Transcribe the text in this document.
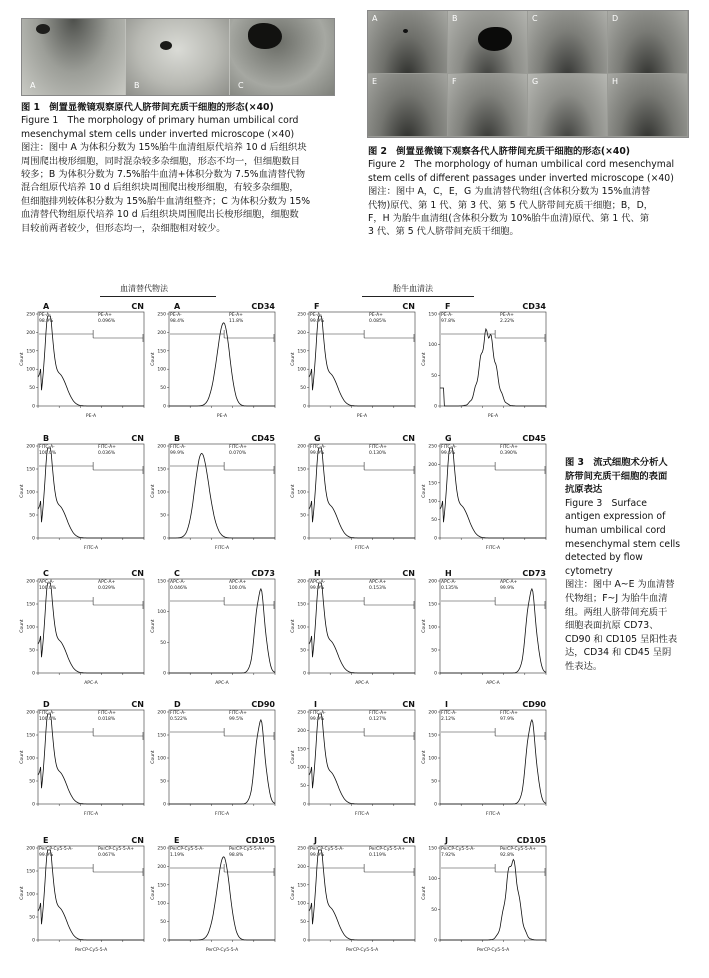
A	B	C
图 1　倒置显微镜观察原代人脐带间充质干细胞的形态(×40)
Figure 1　The morphology of primary human umbilical cord
mesenchymal stem cells under inverted microscope (×40)
图注：图中 A 为体积分数为 15%胎牛血清组原代培养 10 d 后组织块
周围爬出梭形细胞，同时混杂较多杂细胞，形态不均一，但细胞数目
较多；B 为体积分数为 7.5%胎牛血清+体积分数为 7.5%血清替代物
混合组原代培养 10 d 后组织块周围爬出梭形细胞，有较多杂细胞，
但细胞排列较体积分数为 15%胎牛血清组整齐；C 为体积分数为 15%
血清替代物组原代培养 10 d 后组织块周围爬出长梭形细胞，细胞数
目较前两者较少，但形态均一，杂细胞相对较少。
A	B	C	D
E	F	G	H
图 2　倒置显微镜下观察各代人脐带间充质干细胞的形态(×40)
Figure 2　The morphology of human umbilical cord mesenchymal
stem cells of different passages under inverted microscope (×40)
图注：图中 A，C，E，G 为血清替代物组(含体积分数为 15%血清替
代物)原代、第 1 代、第 3 代、第 5 代人脐带间充质干细胞；B，D，
F，H 为胎牛血清组(含体积分数为 10%胎牛血清)原代、第 1 代、第
3 代、第 5 代人脐带间充质干细胞。
血清替代物法	胎牛血清法
0
50
100
150
200
250
Count
PE-A
A	CN
PE-A-
98.9%
PE-A+
0.096%
0
50
100
150
200
250
Count
PE-A
A	CD34
PE-A-
98.4%
PE-A+
11.8%
0
50
100
150
200
250
Count
PE-A
F	CN
PE-A-
99.9%
PE-A+
0.085%
0
50
100
150
Count
PE-A
F	CD34
PE-A-
97.8%
PE-A+
2.22%
0
50
100
150
200
Count
FITC-A
B	CN
FITC-A-
100.0%
FITC-A+
0.036%
0
50
100
150
200
Count
FITC-A
B	CD45
FITC-A-
99.9%
FITC-A+
0.070%
0
50
100
150
200
Count
FITC-A
G	CN
FITC-A-
99.9%
FITC-A+
0.130%
0
50
100
150
200
250
Count
FITC-A
G	CD45
FITC-A-
99.6%
FITC-A+
0.390%
0
50
100
150
200
Count
APC-A
C	CN
APC-A-
100.0%
APC-A+
0.029%
0
50
100
150
Count
APC-A
C	CD73
APC-A-
0.046%
APC-A+
100.0%
0
50
100
150
200
Count
APC-A
H	CN
APC-A-
99.9%
APC-A+
0.153%
0
50
100
150
200
Count
APC-A
H	CD73
APC-A-
0.135%
APC-A+
99.9%
0
50
100
150
200
Count
FITC-A
D	CN
FITC-A-
100.0%
FITC-A+
0.018%
0
50
100
150
200
Count
FITC-A
D	CD90
FITC-A-
0.522%
FITC-A+
99.5%
0
50
100
150
200
250
Count
FITC-A
I	CN
FITC-A-
99.9%
FITC-A+
0.127%
0
50
100
150
200
Count
FITC-A
I	CD90
FITC-A-
2.12%
FITC-A+
97.9%
0
50
100
150
200
Count
PerCP-Cy5-5-A
E	CN
PerCP-Cy5-5-A-
99.9%
PerCP-Cy5-5-A+
0.067%
0
50
100
150
200
250
Count
PerCP-Cy5-5-A
E	CD105
PerCP-Cy5-5-A-
1.19%
PerCP-Cy5-5-A+
98.8%
0
50
100
150
200
250
Count
PerCP-Cy5-5-A
J	CN
PerCP-Cy5-5-A-
99.9%
PerCP-Cy5-5-A+
0.119%
0
50
100
150
Count
PerCP-Cy5-5-A
J	CD105
PerCP-Cy5-5-A-
7.92%
PerCP-Cy5-5-A+
92.8%
图 3　流式细胞术分析人
脐带间充质干细胞的表面
抗原表达
Figure 3　Surface
antigen expression of
human umbilical cord
mesenchymal stem cells
detected by flow
cytometry
图注：图中 A~E 为血清替
代物组；F~J 为胎牛血清
组。两组人脐带间充质干
细胞表面抗原 CD73、
CD90 和 CD105 呈阳性表
达，CD34 和 CD45 呈阴
性表达。
